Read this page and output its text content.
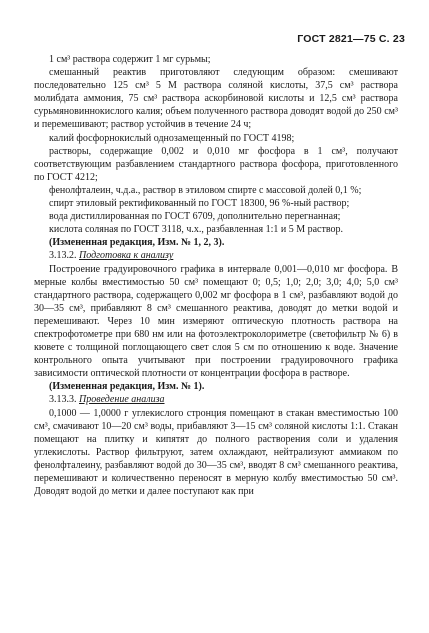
ГОСТ 2821—75 С. 23

1 см³ раствора содержит 1 мг сурьмы;

смешанный реактив приготовляют следующим образом: смешивают последовательно 125 см³ 5 М раствора соляной кислоты, 37,5 см³ раствора молибдата аммония, 75 см³ раствора аскорбиновой кислоты и 12,5 см³ раствора сурьмяновиннокислого калия; объем полученного раствора доводят водой до 250 см³ и перемешивают; раствор устойчив в течение 24 ч;

калий фосфорнокислый однозамещенный по ГОСТ 4198;

растворы, содержащие 0,002 и 0,010 мг фосфора в 1 см³, получают соответствующим разбавлением стандартного раствора фосфора, приготовленного по ГОСТ 4212;

фенолфталеин, ч.д.а., раствор в этиловом спирте с массовой долей 0,1 %;

спирт этиловый ректификованный по ГОСТ 18300, 96 %-ный раствор;

вода дистиллированная по ГОСТ 6709, дополнительно перегнанная;

кислота соляная по ГОСТ 3118, ч.х., разбавленная 1:1 и 5 М раствор.

(Измененная редакция, Изм. № 1, 2, 3).

3.13.2. Подготовка к анализу

Построение градуировочного графика в интервале 0,001—0,010 мг фосфора. В мерные колбы вместимостью 50 см³ помещают 0; 0,5; 1,0; 2,0; 3,0; 4,0; 5,0 см³ стандартного раствора, содержащего 0,002 мг фосфора в 1 см³, разбавляют водой до 30—35 см³, прибавляют 8 см³ смешанного реактива, доводят до метки водой и перемешивают. Через 10 мин измеряют оптическую плотность раствора на спектрофотометре при 680 нм или на фотоэлектроколориметре (светофильтр № 6) в кювете с толщиной поглощающего свет слоя 5 см по отношению к воде. Значение контрольного опыта учитывают при построении градуировочного графика зависимости оптической плотности от концентрации фосфора в растворе.

(Измененная редакция, Изм. № 1).

3.13.3. Проведение анализа

0,1000 — 1,0000 г углекислого стронция помещают в стакан вместимостью 100 см³, смачивают 10—20 см³ воды, прибавляют 3—15 см³ соляной кислоты 1:1. Стакан помещают на плитку и кипятят до полного растворения соли и удаления углекислоты. Раствор фильтруют, затем охлаждают, нейтрализуют аммиаком по фенолфталеину, разбавляют водой до 30—35 см³, вводят 8 см³ смешанного реактива, перемешивают и количественно переносят в мерную колбу вместимостью 50 см³. Доводят водой до метки и далее поступают как при
